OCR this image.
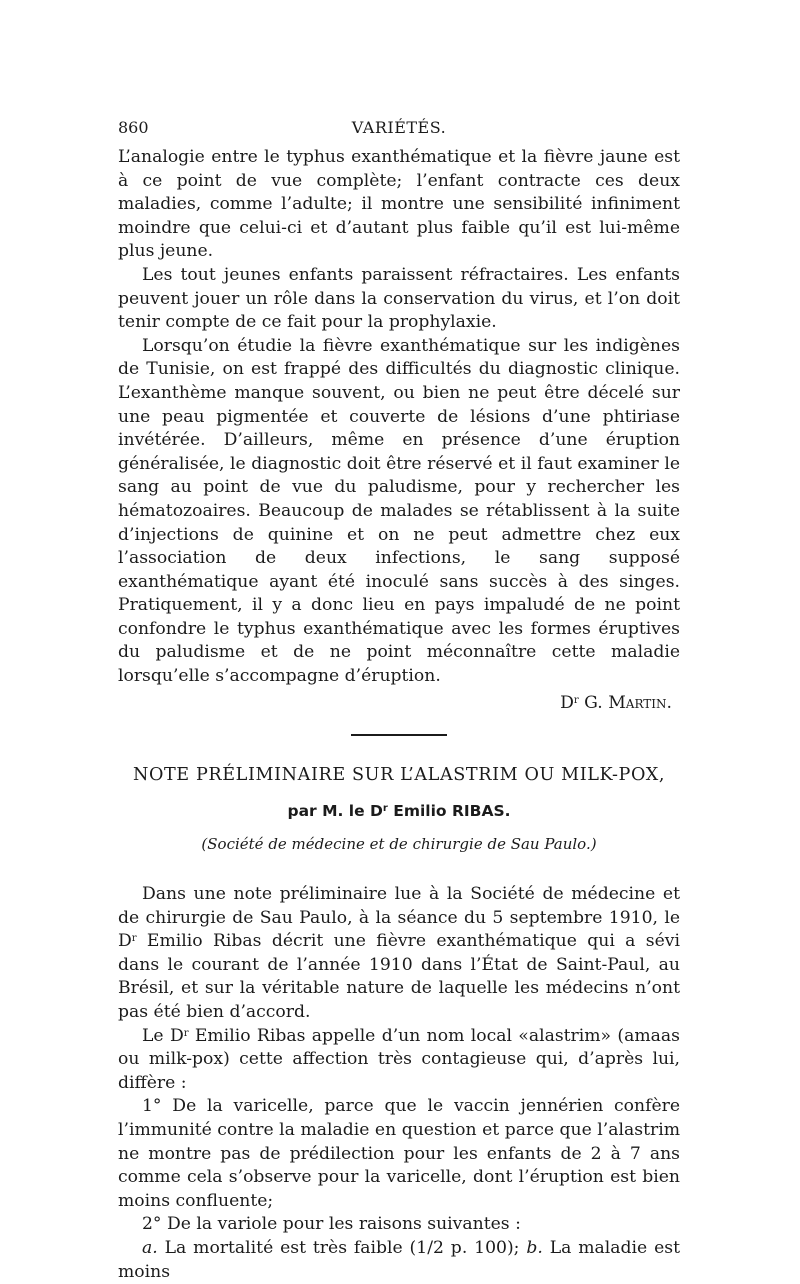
860	VARIÉTÉS.

L’analogie entre le typhus exanthématique et la fièvre jaune est à ce point de vue complète; l’enfant contracte ces deux maladies, comme l’adulte; il montre une sensibilité infiniment moindre que celui-ci et d’autant plus faible qu’il est lui-même plus jeune.

Les tout jeunes enfants paraissent réfractaires. Les enfants peuvent jouer un rôle dans la conservation du virus, et l’on doit tenir compte de ce fait pour la prophylaxie.

Lorsqu’on étudie la fièvre exanthématique sur les indigènes de Tunisie, on est frappé des difficultés du diagnostic clinique. L’exanthème manque souvent, ou bien ne peut être décelé sur une peau pigmentée et couverte de lésions d’une phtiriase invétérée. D’ailleurs, même en présence d’une éruption généralisée, le diagnostic doit être réservé et il faut examiner le sang au point de vue du paludisme, pour y rechercher les hématozoaires. Beaucoup de malades se rétablissent à la suite d’injections de quinine et on ne peut admettre chez eux l’association de deux infections, le sang supposé exanthématique ayant été inoculé sans succès à des singes. Pratiquement, il y a donc lieu en pays impaludé de ne point confondre le typhus exanthématique avec les formes éruptives du paludisme et de ne point méconnaître cette maladie lorsqu’elle s’accompagne d’éruption.

$D^r$ G. Martin.
NOTE PRÉLIMINAIRE SUR L’ALASTRIM OU MILK-POX,
par M. le $D^r$ Emilio RIBAS.
(Société de médecine et de chirurgie de Sau Paulo.)

Dans une note préliminaire lue à la Société de médecine et de chirurgie de Sau Paulo, à la séance du 5 septembre 1910, le $D^r$ Emilio Ribas décrit une fièvre exanthématique qui a sévi dans le courant de l’année 1910 dans l’État de Saint-Paul, au Brésil, et sur la véritable nature de laquelle les médecins n’ont pas été bien d’accord.

Le $D^r$ Emilio Ribas appelle d’un nom local «alastrim» (amaas ou milk-pox) cette affection très contagieuse qui, d’après lui, diffère :

1° De la varicelle, parce que le vaccin jennérien confère l’immunité contre la maladie en question et parce que l’alastrim ne montre pas de prédilection pour les enfants de 2 à 7 ans comme cela s’observe pour la varicelle, dont l’éruption est bien moins confluente;

2° De la variole pour les raisons suivantes :

a. La mortalité est très faible (1/2 p. 100); b. La maladie est moins
